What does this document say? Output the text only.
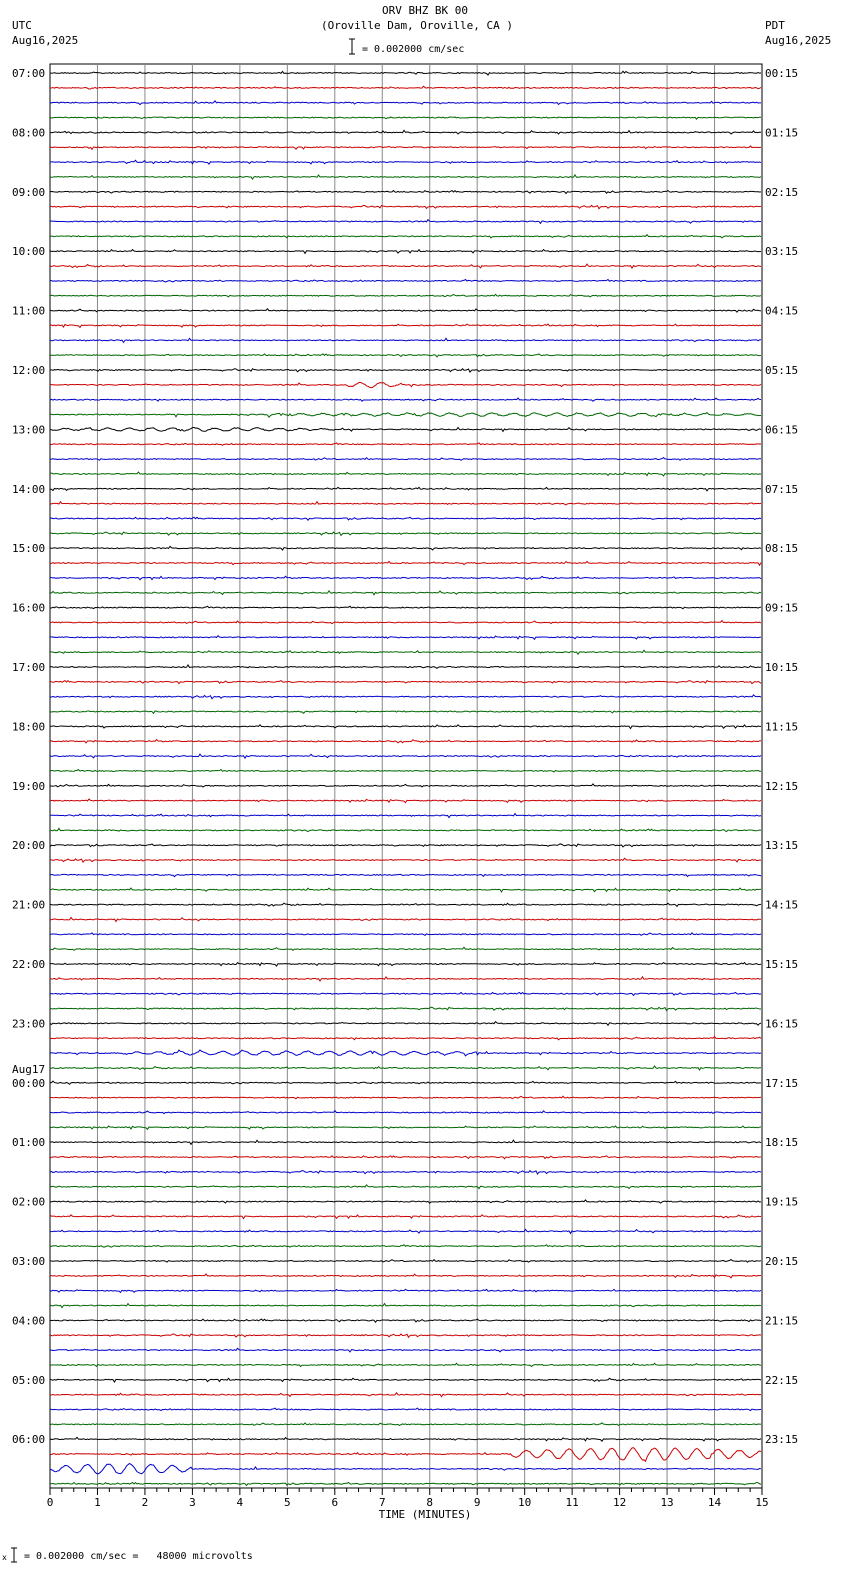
ORV BHZ BK 00
(Oroville Dam, Oroville, CA )
UTC
Aug16,2025
PDT
Aug16,2025
= 0.002000 cm/sec
07:00	00:15
08:00	01:15
09:00	02:15
10:00	03:15
11:00	04:15
12:00	05:15
13:00	06:15
14:00	07:15
15:00	08:15
16:00	09:15
17:00	10:15
18:00	11:15
19:00	12:15
20:00	13:15
21:00	14:15
22:00	15:15
23:00	16:15
00:00	17:15
01:00	18:15
02:00	19:15
03:00	20:15
04:00	21:15
05:00	22:15
06:00	23:15
Aug17
0	1	2	3	4	5	6	7	8	9	10	11	12	13	14	15
TIME (MINUTES)
x = 0.002000 cm/sec =   48000 microvolts
